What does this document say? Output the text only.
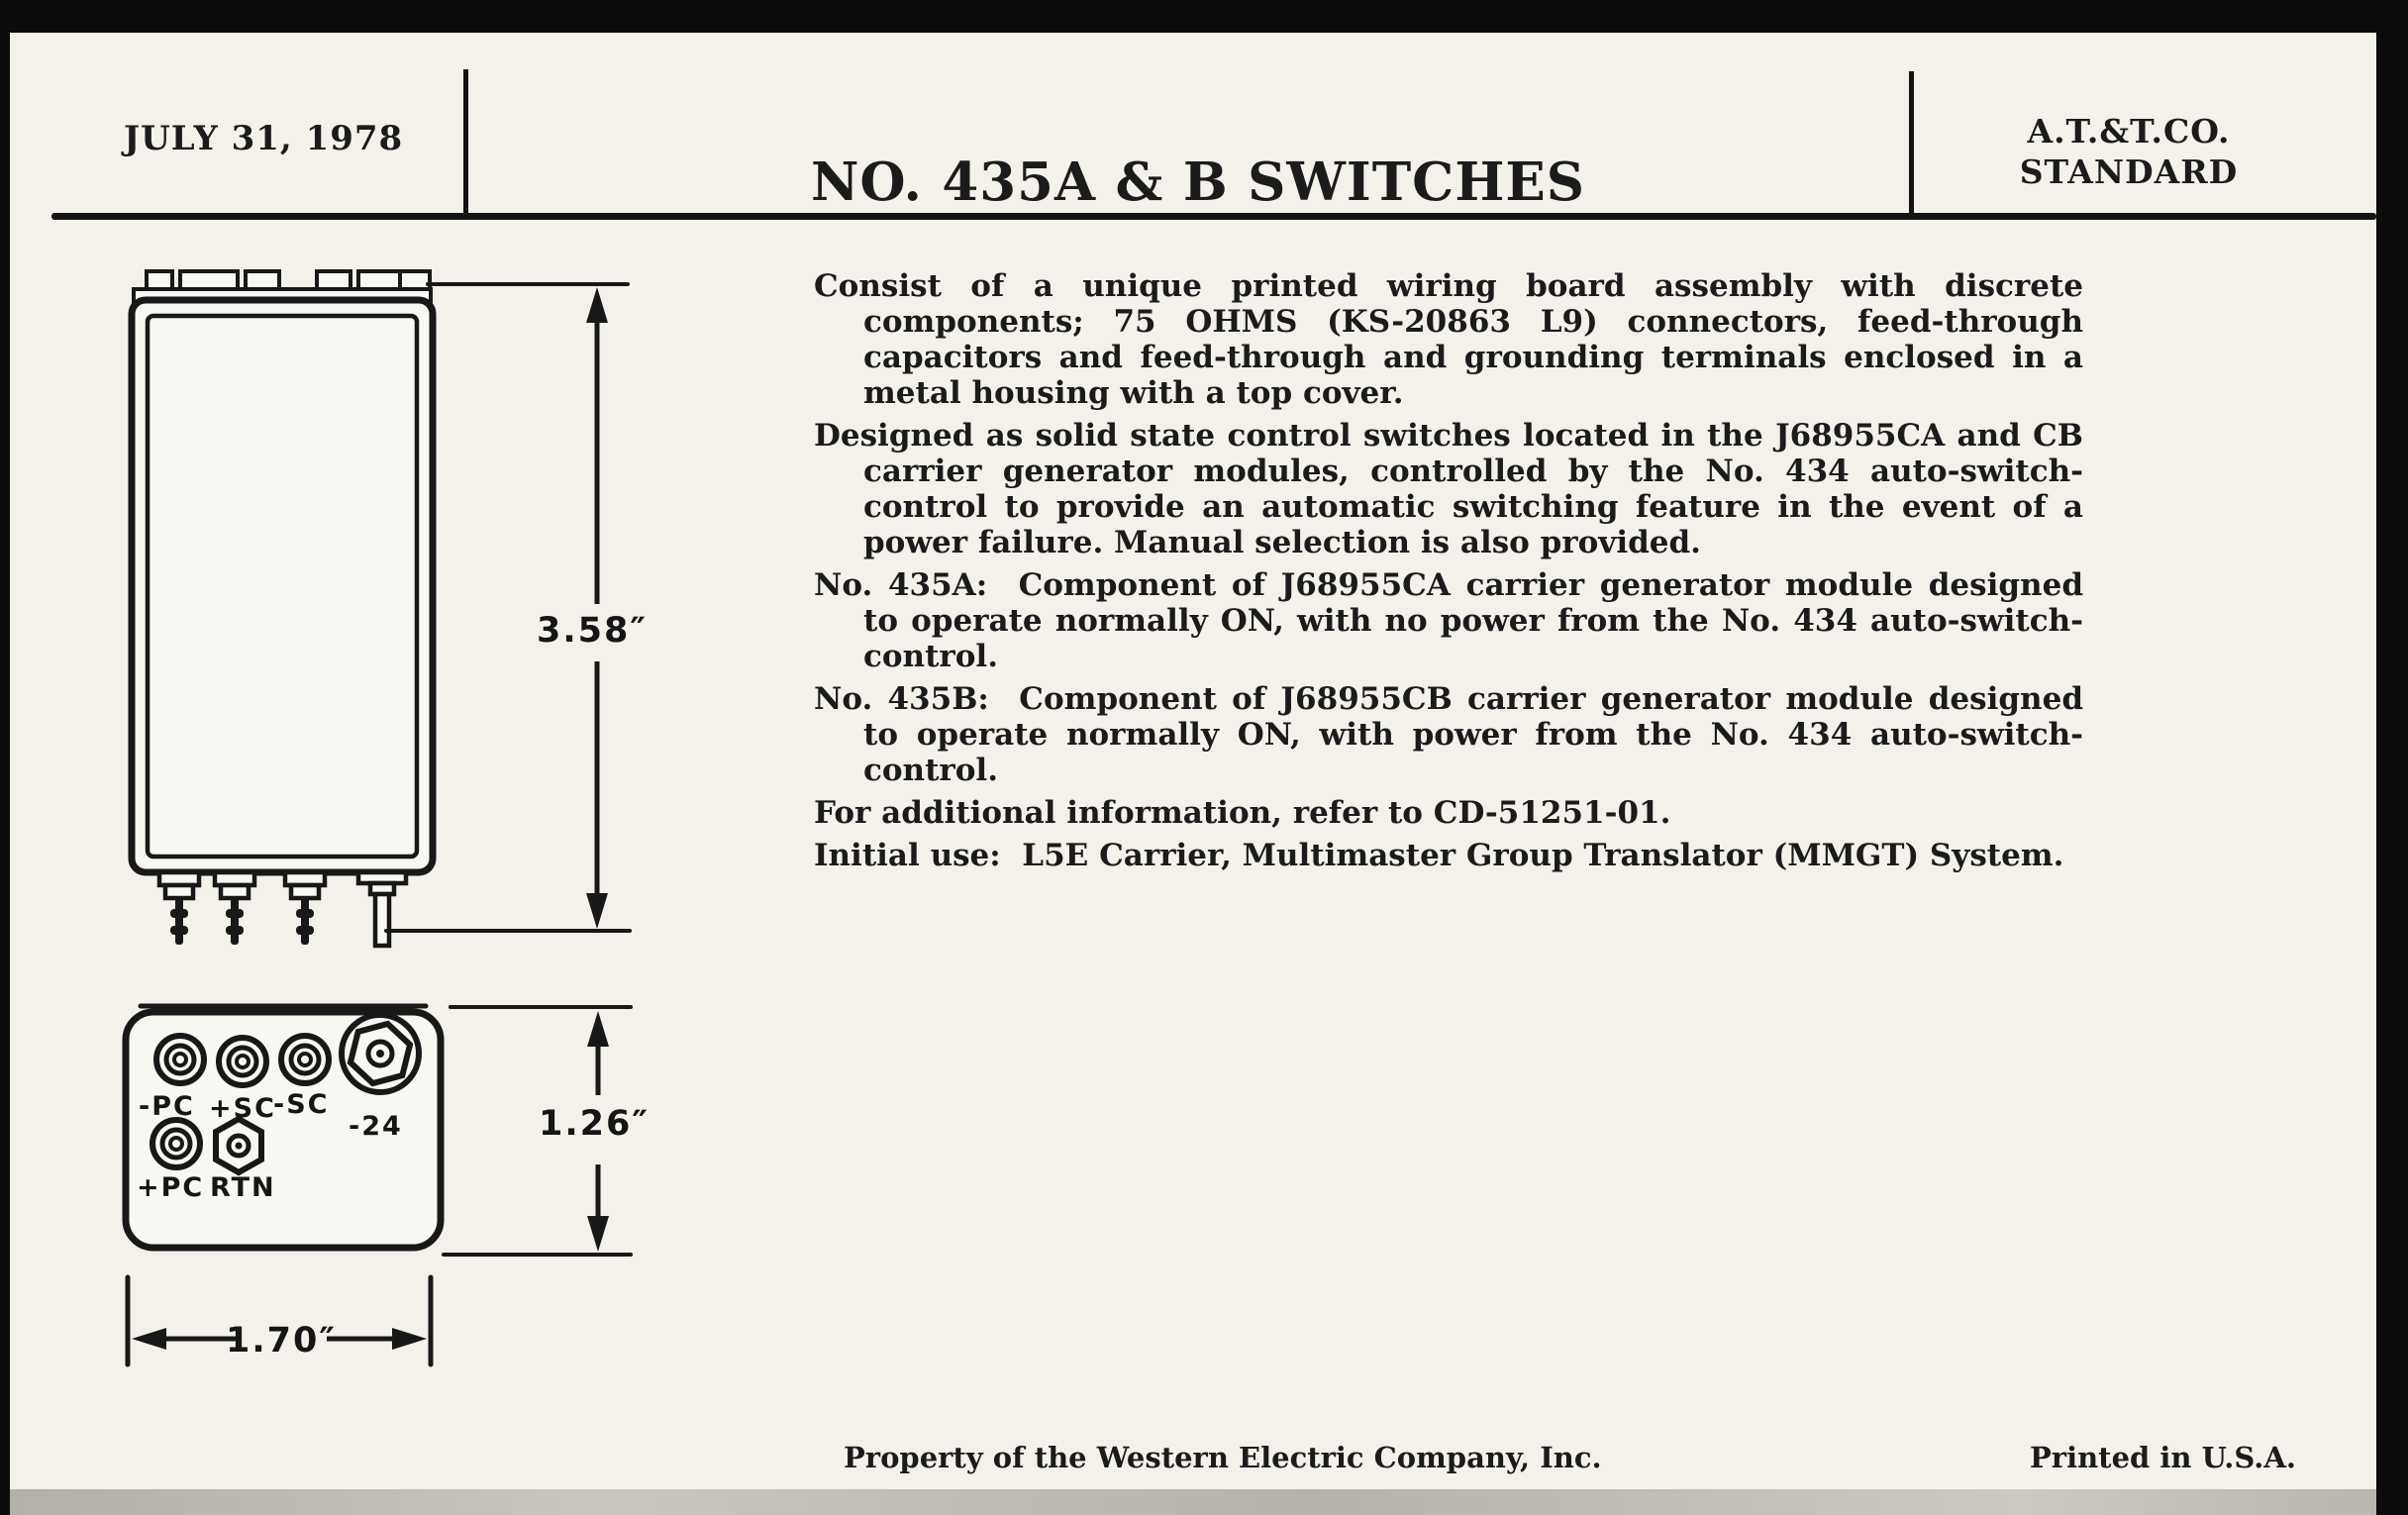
JULY 31, 1978
NO. 435A & B SWITCHES
A.T.&T.CO.
STANDARD

Consist of a unique printed wiring board assembly with discrete components; 75 OHMS (KS-20863 L9) connectors, feed-through capacitors and feed-through and grounding terminals enclosed in a metal housing with a top cover.

Designed as solid state control switches located in the J68955CA and CB carrier generator modules, controlled by the No. 434 auto-switch-control to provide an automatic switching feature in the event of a power failure. Manual selection is also provided.

No. 435A:  Component of J68955CA carrier generator module designed to operate normally ON, with no power from the No. 434 auto-switch-control.

No. 435B:  Component of J68955CB carrier generator module designed to operate normally ON, with power from the No. 434 auto-switch-control.

For additional information, refer to CD-51251-01.

Initial use:  L5E Carrier, Multimaster Group Translator (MMGT) System.

3.58″
-PC +SC
-SC
-24
+PC RTN
1.26″
1.70″
Property of the Western Electric Company, Inc.	Printed in U.S.A.
